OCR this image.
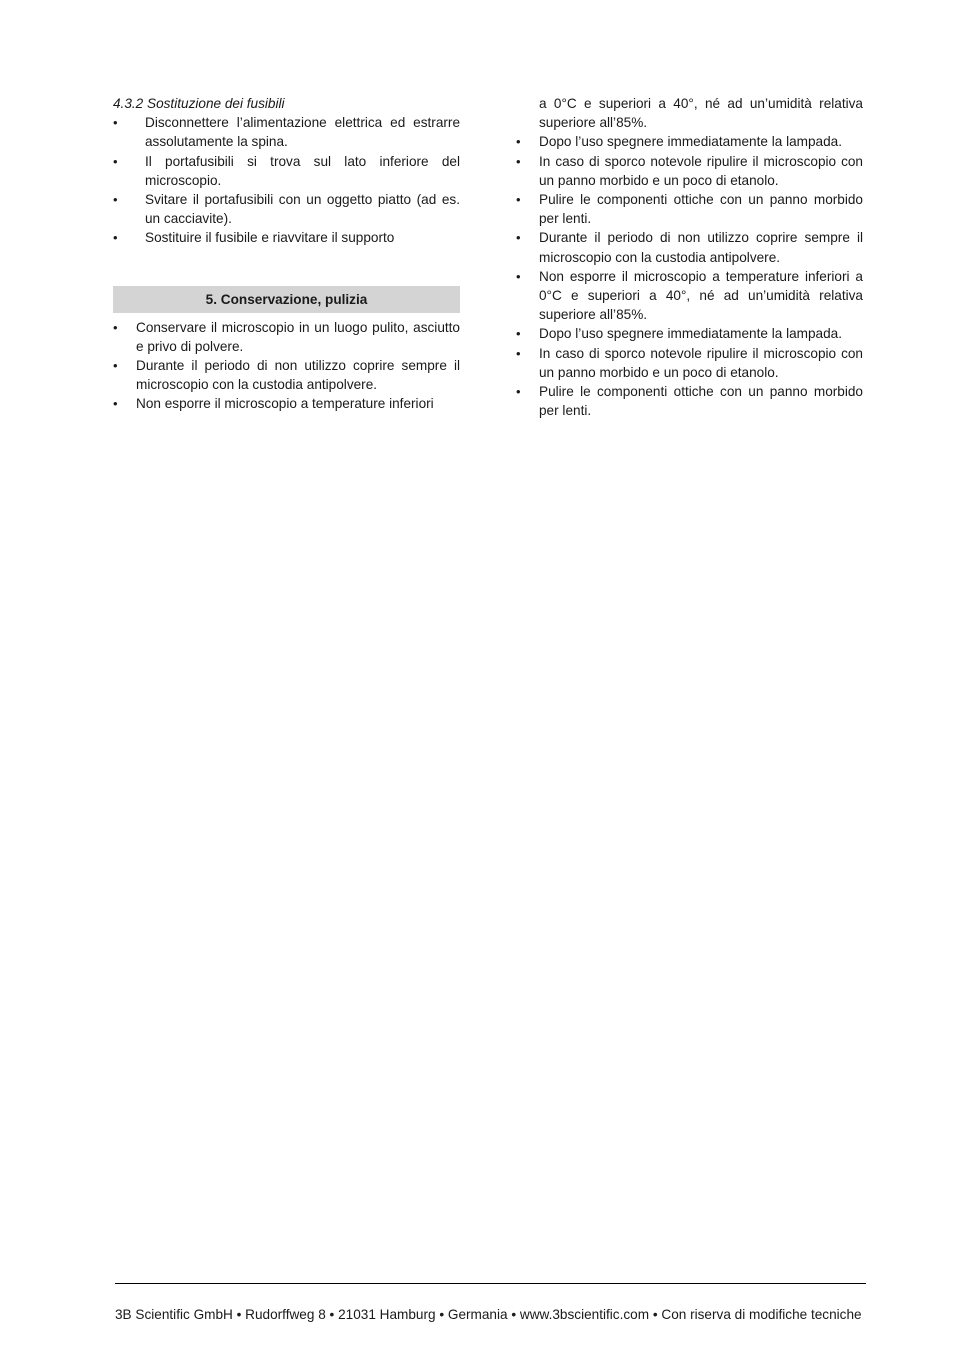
4.3.2 Sostituzione dei fusibili

• Disconnettere l’alimentazione elettrica ed estrarre assolutamente la spina.
• Il portafusibili si trova sul lato inferiore del microscopio.
• Svitare il portafusibili con un oggetto piatto (ad es. un cacciavite).
• Sostituire il fusibile e riavvitare il supporto
5. Conservazione, pulizia
• Conservare il microscopio in un luogo pulito, asciutto e privo di polvere.
• Durante il periodo di non utilizzo coprire sempre il microscopio con la custodia antipolvere.
• Non esporre il microscopio a temperature inferiori
a 0°C e superiori a 40°, né ad un’umidità relativa superiore all’85%.
• Dopo l’uso spegnere immediatamente la lampada.
• In caso di sporco notevole ripulire il microscopio con un panno morbido e un poco di etanolo.
• Pulire le componenti ottiche con un panno morbido per lenti.
• Durante il periodo di non utilizzo coprire sempre il microscopio con la custodia antipolvere.
• Non esporre il microscopio a temperature inferiori a 0°C e superiori a 40°, né ad un’umidità relativa superiore all’85%.
• Dopo l’uso spegnere immediatamente la lampada.
• In caso di sporco notevole ripulire il microscopio con un panno morbido e un poco di etanolo.
• Pulire le componenti ottiche con un panno morbido per lenti.
3B Scientific GmbH • Rudorffweg 8 • 21031 Hamburg • Germania • www.3bscientific.com • Con riserva di modifiche tecniche
